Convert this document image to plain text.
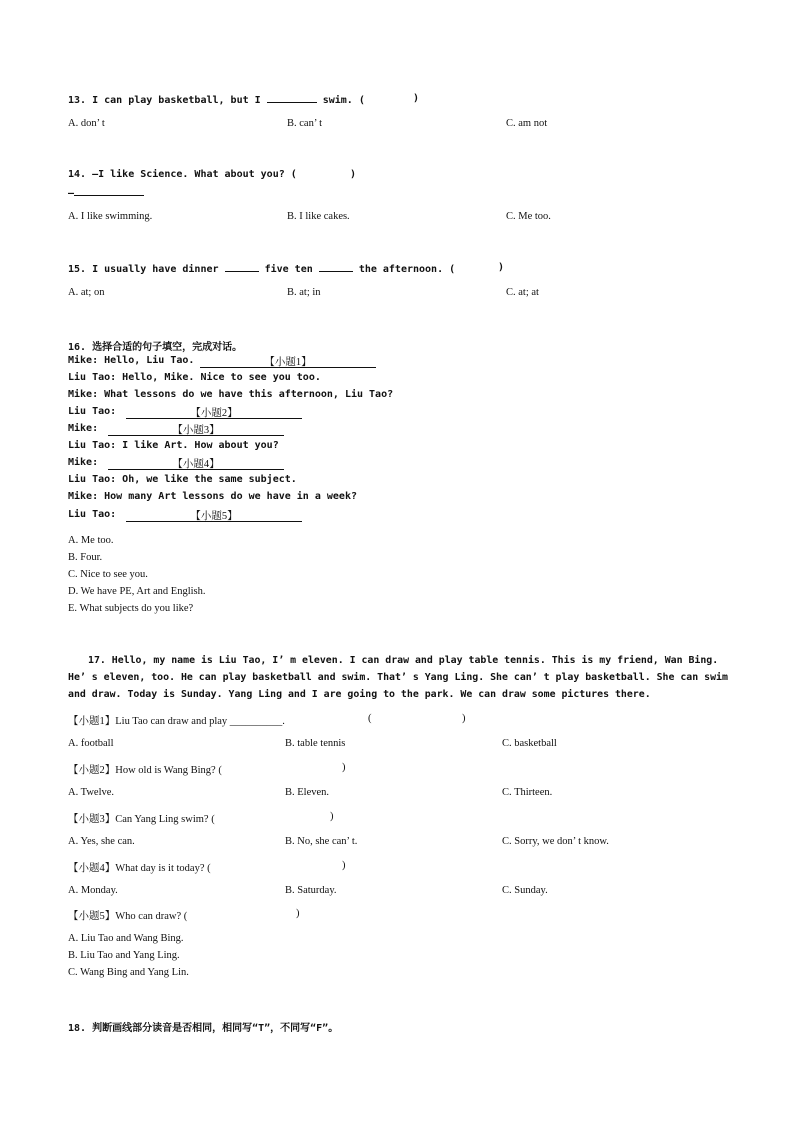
13. I can play basketball, but I	swim. (	)
A. don’ t	B. can’ t	C. am not
14. —I like Science. What about you? (	)
—
A. I like swimming.	B. I like cakes.	C. Me too.
15. I usually have dinner	five ten	the afternoon. (	)
A. at; on	B. at; in	C. at; at
16. 选择合适的句子填空，完成对话。
Mike: Hello, Liu Tao.	【小题1】
Liu Tao: Hello, Mike. Nice to see you too.
Mike: What lessons do we have this afternoon, Liu Tao?
Liu Tao:	【小题2】
Mike:	【小题3】
Liu Tao: I like Art. How about you?
Mike:	【小题4】
Liu Tao: Oh, we like the same subject.
Mike: How many Art lessons do we have in a week?
Liu Tao:	【小题5】
A. Me too.
B. Four.
C. Nice to see you.
D. We have PE, Art and English.
E. What subjects do you like?
17. Hello, my name is Liu Tao, I’ m eleven. I can draw and play table tennis. This is my friend, Wan Bing.
He’ s eleven, too. He can play basketball and swim. That’ s Yang Ling. She can’ t play basketball. She can swim
and draw. Today is Sunday. Yang Ling and I are going to the park. We can draw some pictures there.
【小题1】Liu Tao can draw and play __________.	(	)
A. football	B. table tennis	C. basketball
【小题2】How old is Wang Bing? (	)
A. Twelve.	B. Eleven.	C. Thirteen.
【小题3】Can Yang Ling swim? (	)
A. Yes, she can.	B. No, she can’ t.	C. Sorry, we don’ t know.
【小题4】What day is it today? (	)
A. Monday.	B. Saturday.	C. Sunday.
【小题5】Who can draw? (	)
A. Liu Tao and Wang Bing.
B. Liu Tao and Yang Ling.
C. Wang Bing and Yang Lin.
18. 判断画线部分读音是否相同，相同写“T”，不同写“F”。
